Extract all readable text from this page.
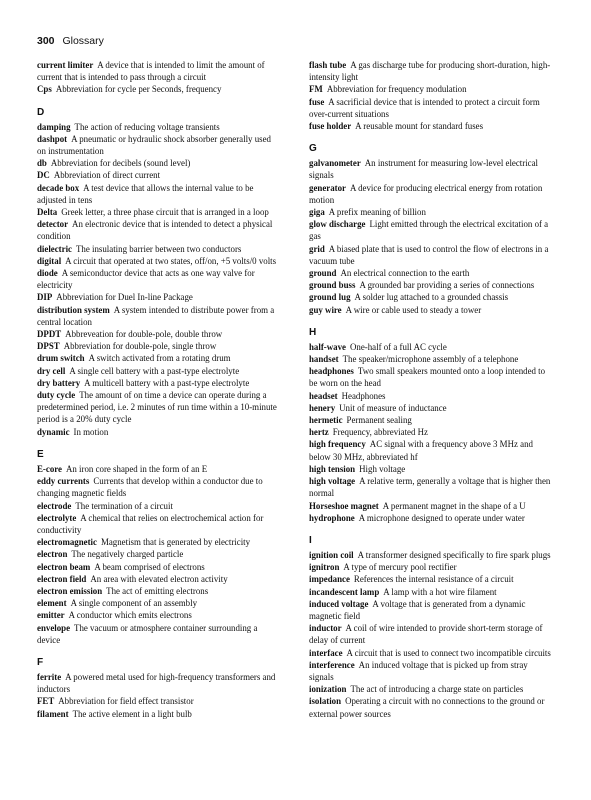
300 Glossary

current limiter A device that is intended to limit the amount of current that is intended to pass through a circuit

Cps Abbreviation for cycle per Seconds, frequency

D

damping The action of reducing voltage transients

dashpot A pneumatic or hydraulic shock absorber generally used on instrumentation

db Abbreviation for decibels (sound level)

DC Abbreviation of direct current

decade box A test device that allows the internal value to be adjusted in tens

Delta Greek letter, a three phase circuit that is arranged in a loop

detector An electronic device that is intended to detect a physical condition

dielectric The insulating barrier between two conductors

digital A circuit that operated at two states, off/on, +5 volts/0 volts

diode A semiconductor device that acts as one way valve for electricity

DIP Abbreviation for Duel In-line Package

distribution system A system intended to distribute power from a central location

DPDT Abbreveation for double-pole, double throw

DPST Abbreviation for double-pole, single throw

drum switch A switch activated from a rotating drum

dry cell A single cell battery with a past-type electrolyte

dry battery A multicell battery with a past-type electrolyte

duty cycle The amount of on time a device can operate during a predetermined period, i.e. 2 minutes of run time within a 10-minute period is a 20% duty cycle

dynamic In motion

E

E-core An iron core shaped in the form of an E

eddy currents Currents that develop within a conductor due to changing magnetic fields

electrode The termination of a circuit

electrolyte A chemical that relies on electrochemical action for conductivity

electromagnetic Magnetism that is generated by electricity

electron The negatively charged particle

electron beam A beam comprised of electrons

electron field An area with elevated electron activity

electron emission The act of emitting electrons

element A single component of an assembly

emitter A conductor which emits electrons

envelope The vacuum or atmosphere container surrounding a device

F

ferrite A powered metal used for high-frequency transformers and inductors

FET Abbreviation for field effect transistor

filament The active element in a light bulb

flash tube A gas discharge tube for producing short-duration, high-intensity light

FM Abbreviation for frequency modulation

fuse A sacrificial device that is intended to protect a circuit form over-current situations

fuse holder A reusable mount for standard fuses

G

galvanometer An instrument for measuring low-level electrical signals

generator A device for producing electrical energy from rotation motion

giga A prefix meaning of billion

glow discharge Light emitted through the electrical excitation of a gas

grid A biased plate that is used to control the flow of electrons in a vacuum tube

ground An electrical connection to the earth

ground buss A grounded bar providing a series of connections

ground lug A solder lug attached to a grounded chassis

guy wire A wire or cable used to steady a tower

H

half-wave One-half of a full AC cycle

handset The speaker/microphone assembly of a telephone

headphones Two small speakers mounted onto a loop intended to be worn on the head

headset Headphones

henery Unit of measure of inductance

hermetic Permanent sealing

hertz Frequency, abbreviated Hz

high frequency AC signal with a frequency above 3 MHz and below 30 MHz, abbreviated hf

high tension High voltage

high voltage A relative term, generally a voltage that is higher then normal

Horseshoe magnet A permanent magnet in the shape of a U

hydrophone A microphone designed to operate under water

I

ignition coil A transformer designed specifically to fire spark plugs

ignitron A type of mercury pool rectifier

impedance References the internal resistance of a circuit

incandescent lamp A lamp with a hot wire filament

induced voltage A voltage that is generated from a dynamic magnetic field

inductor A coil of wire intended to provide short-term storage of delay of current

interface A circuit that is used to connect two incompatible circuits

interference An induced voltage that is picked up from stray signals

ionization The act of introducing a charge state on particles

isolation Operating a circuit with no connections to the ground or external power sources
